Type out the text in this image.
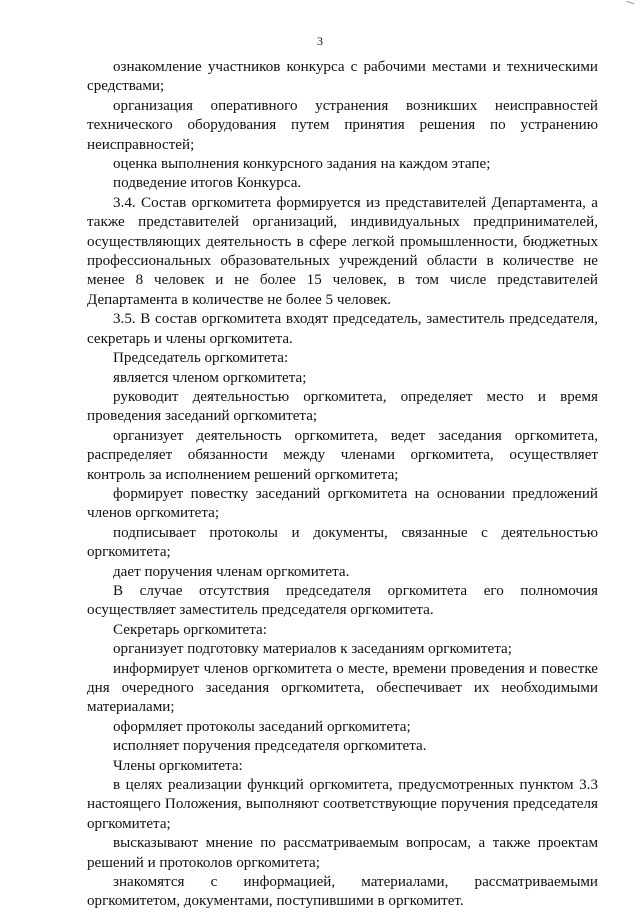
3

ознакомление участников конкурса с рабочими местами и техническими средствами;

организация оперативного устранения возникших неисправностей технического оборудования путем принятия решения по устранению неисправностей;

оценка выполнения конкурсного задания на каждом этапе;

подведение итогов Конкурса.

3.4. Состав оргкомитета формируется из представителей Департамента, а также представителей организаций, индивидуальных предпринимателей, осуществляющих деятельность в сфере легкой промышленности, бюджетных профессиональных образовательных учреждений области в количестве не менее 8 человек и не более 15 человек, в том числе представителей Департамента в количестве не более 5 человек.

3.5. В состав оргкомитета входят председатель, заместитель председателя, секретарь и члены оргкомитета.

Председатель оргкомитета:

является членом оргкомитета;

руководит деятельностью оргкомитета, определяет место и время проведения заседаний оргкомитета;

организует деятельность оргкомитета, ведет заседания оргкомитета, распределяет обязанности между членами оргкомитета, осуществляет контроль за исполнением решений оргкомитета;

формирует повестку заседаний оргкомитета на основании предложений членов оргкомитета;

подписывает протоколы и документы, связанные с деятельностью оргкомитета;

дает поручения членам оргкомитета.

В случае отсутствия председателя оргкомитета его полномочия осуществляет заместитель председателя оргкомитета.

Секретарь оргкомитета:

организует подготовку материалов к заседаниям оргкомитета;

информирует членов оргкомитета о месте, времени проведения и повестке дня очередного заседания оргкомитета, обеспечивает их необходимыми материалами;

оформляет протоколы заседаний оргкомитета;

исполняет поручения председателя оргкомитета.

Члены оргкомитета:

в целях реализации функций оргкомитета, предусмотренных пунктом 3.3 настоящего Положения, выполняют соответствующие поручения председателя оргкомитета;

высказывают мнение по рассматриваемым вопросам, а также проектам решений и протоколов оргкомитета;

знакомятся с информацией, материалами, рассматриваемыми оргкомитетом, документами, поступившими в оргкомитет.
